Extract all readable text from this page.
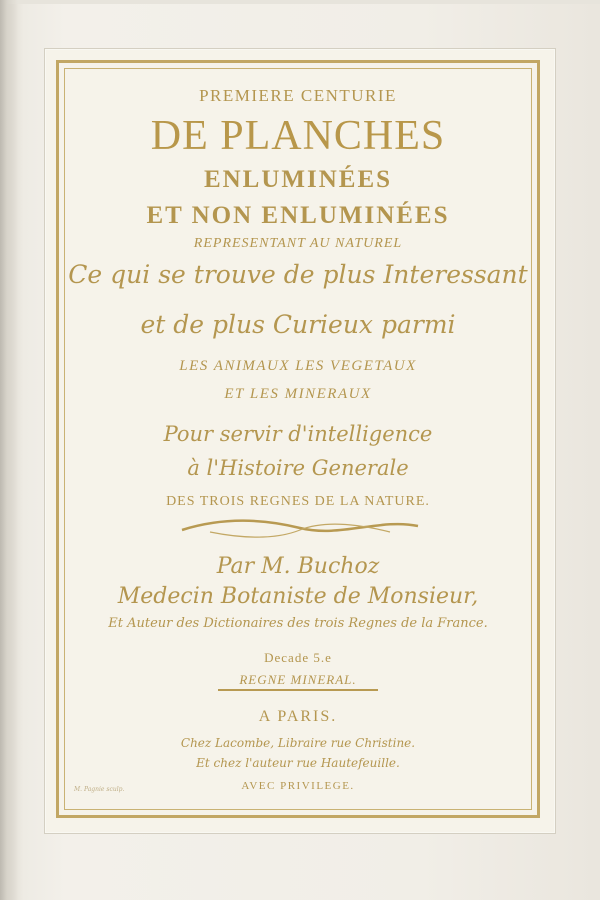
PREMIERE CENTURIE
DE PLANCHES
ENLUMINÉES
ET NON ENLUMINÉES
REPRESENTANT AU NATUREL
Ce qui se trouve de plus Interessant
et de plus Curieux parmi
LES ANIMAUX LES VEGETAUX
ET LES MINERAUX
Pour servir d'intelligence
à l'Histoire Generale
DES TROIS REGNES DE LA NATURE.
Par M. Buchoz
Medecin Botaniste de Monsieur,
Et Auteur des Dictionaires des trois Regnes de la France.
Decade 5.e
REGNE MINERAL.
A PARIS.
Chez Lacombe, Libraire rue Christine.
Et chez l'auteur rue Hautefeuille.
AVEC PRIVILEGE.
M. Pagnie sculp.
